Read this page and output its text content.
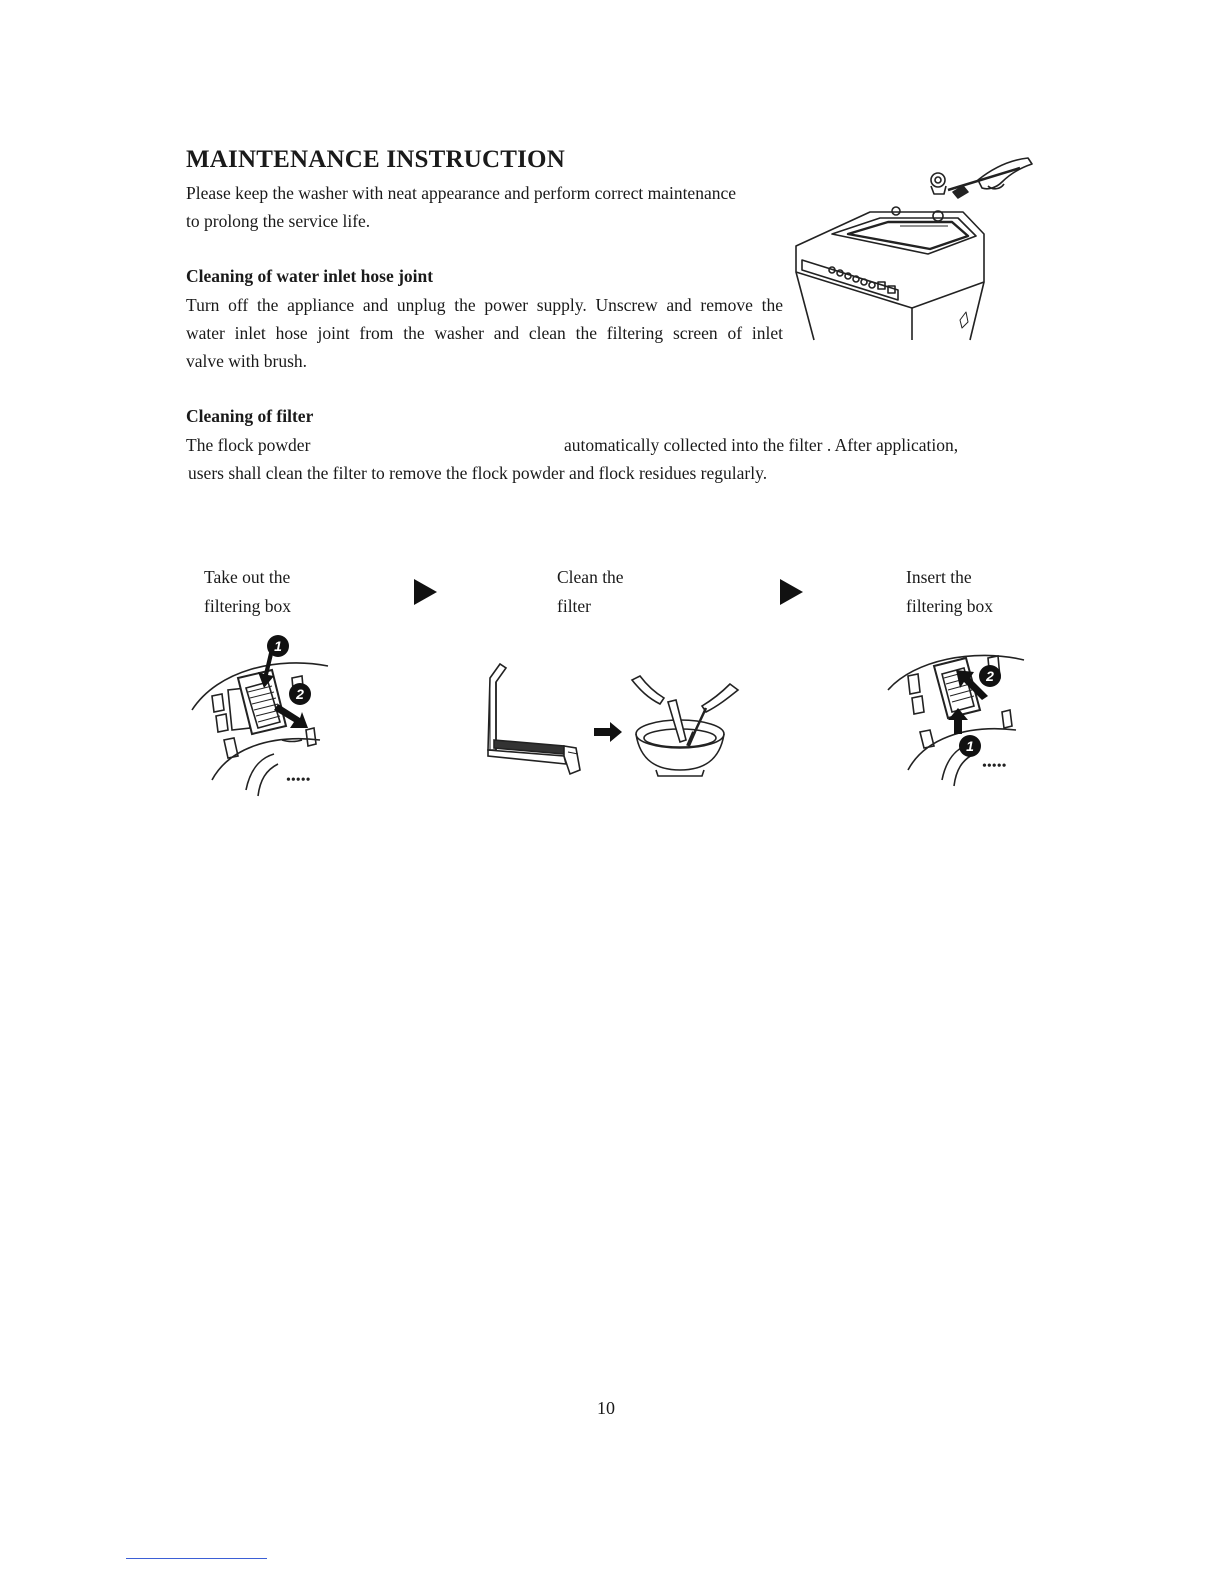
MAINTENANCE INSTRUCTION
Please keep the washer with neat appearance and perform correct maintenance
to prolong the service life.
Cleaning of water inlet hose joint
Turn off the appliance and unplug the power supply. Unscrew and remove the
water inlet hose joint from the washer and clean the filtering screen of inlet
valve with brush.
Cleaning of filter
The flock powder	automatically collected into the filter . After application,
users shall clean the filter to remove the flock powder and flock residues regularly.
Take out the
filtering box
Clean the
filter
Insert the
filtering box
•••••
1
2
•••••
2
1
10
